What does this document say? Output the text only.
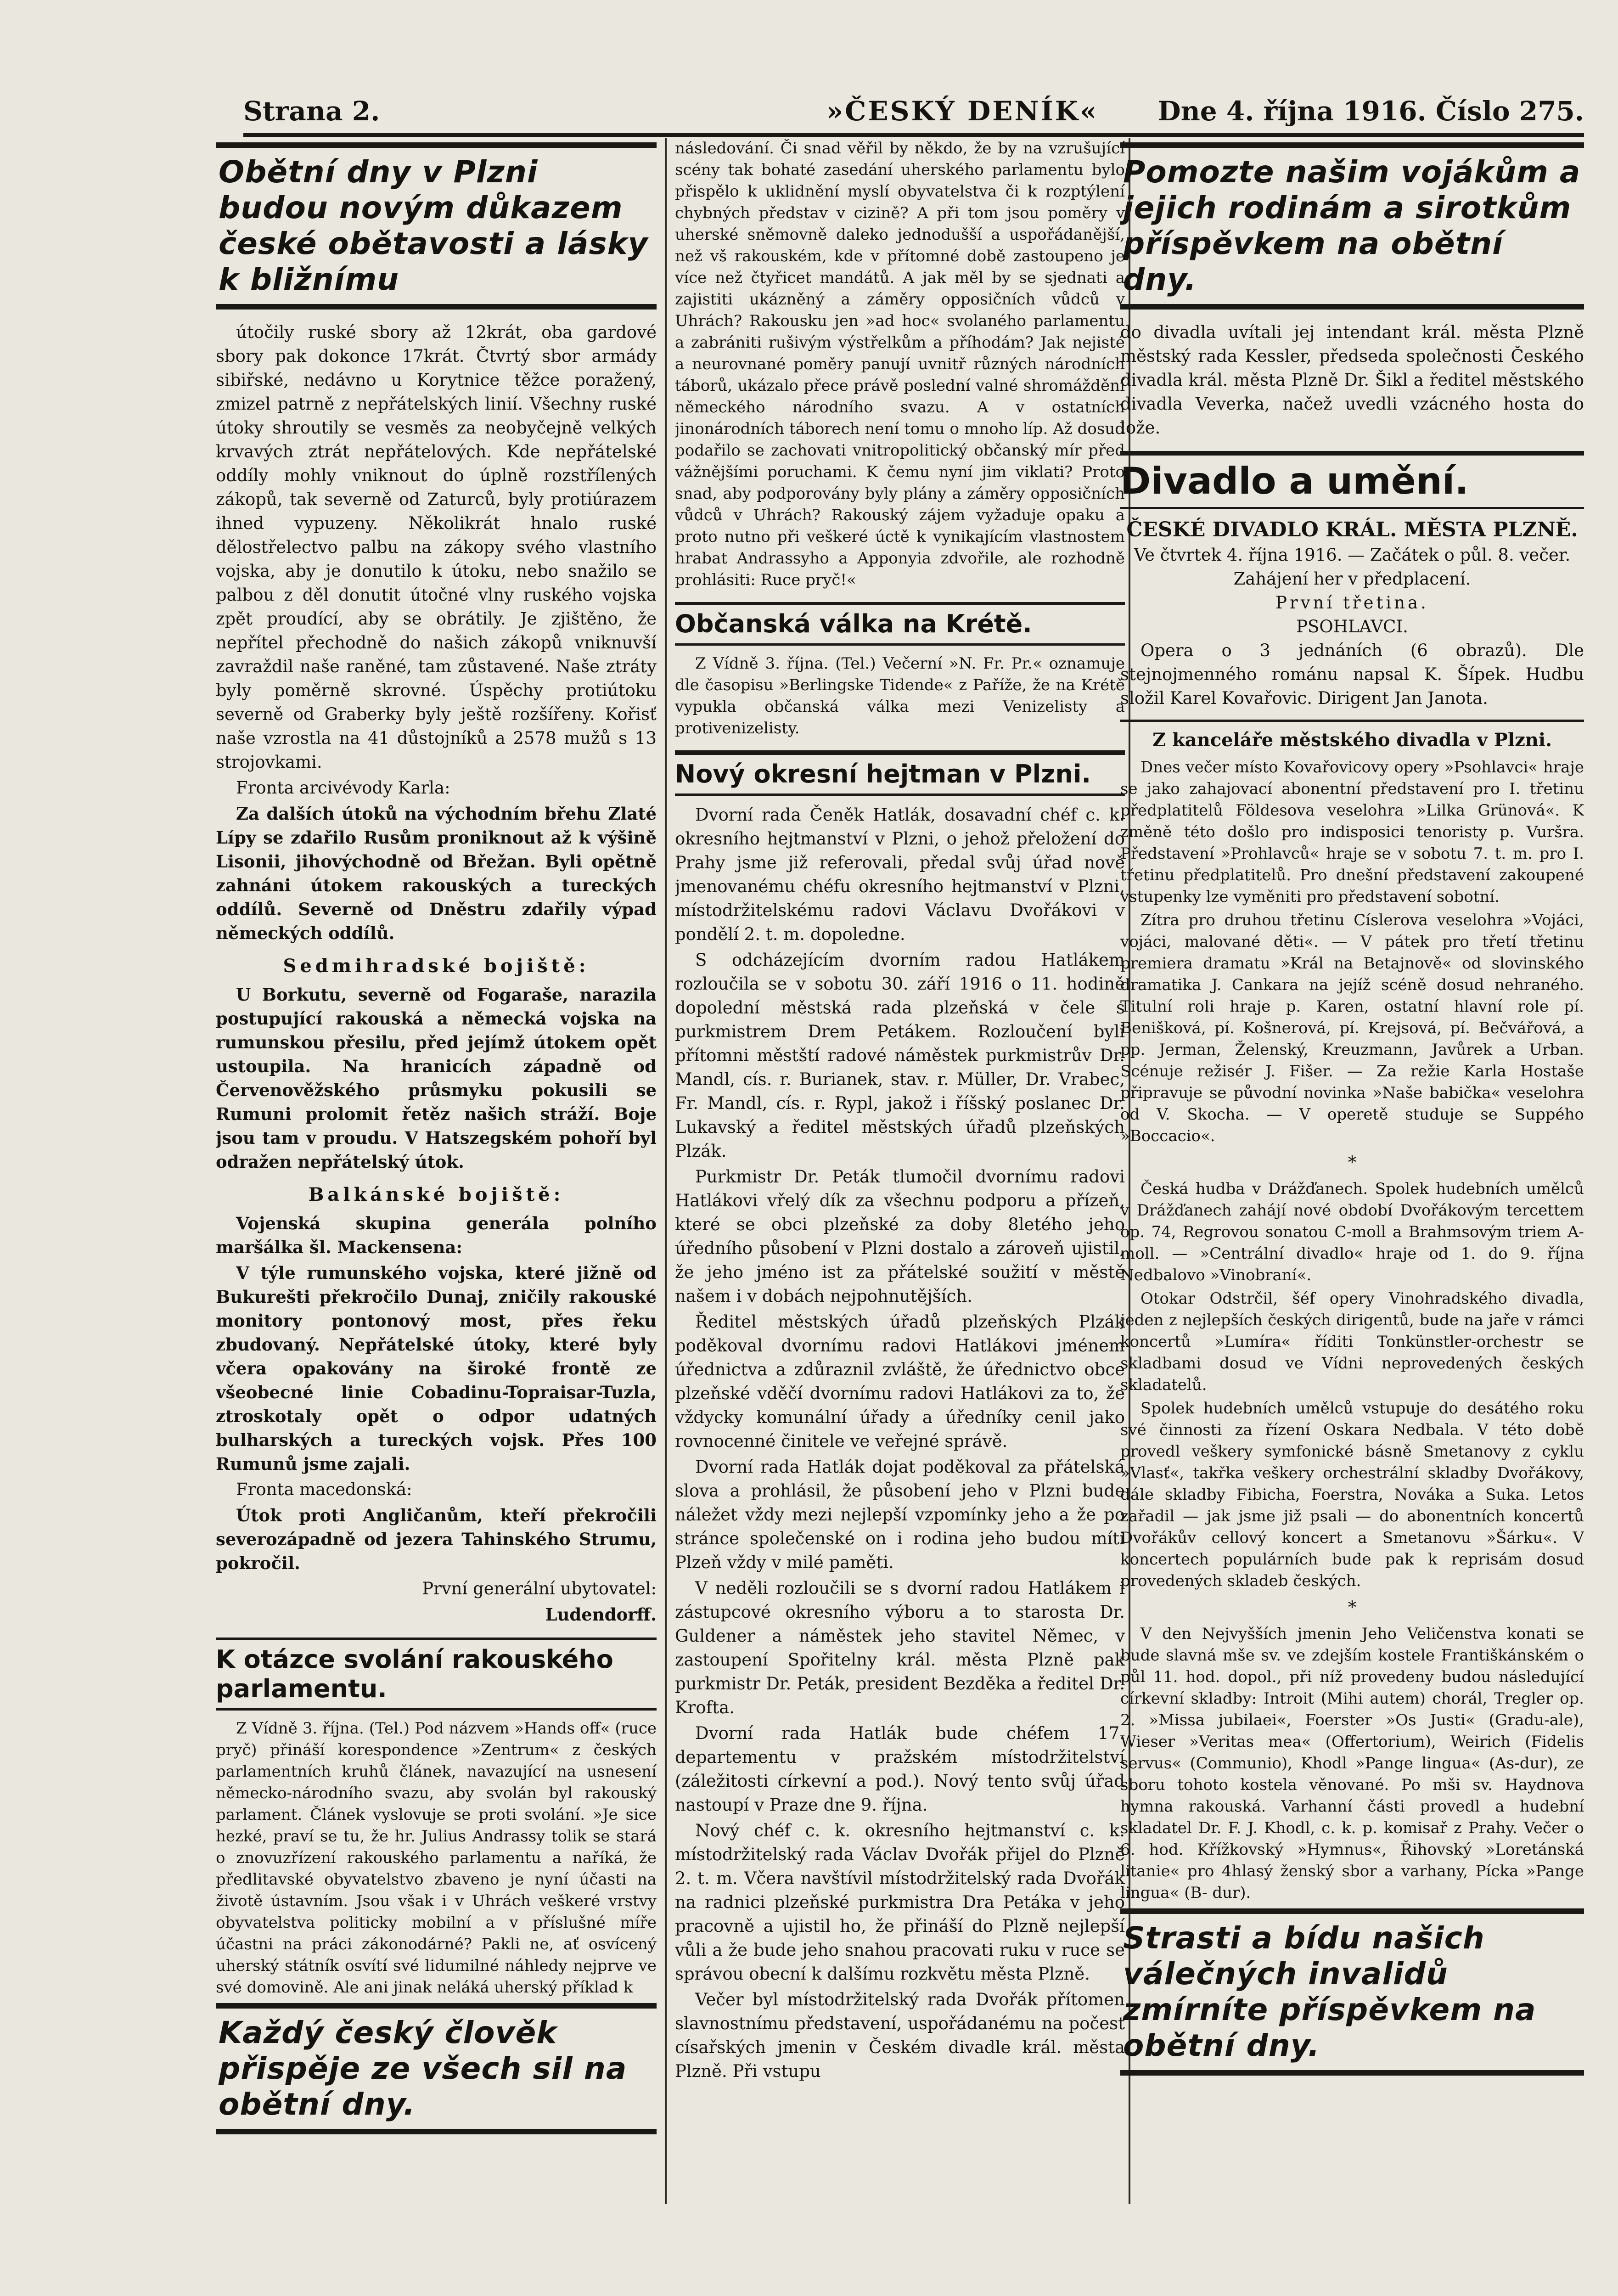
Strana 2.	»ČESKÝ DENÍK« Dne 4. října 1916. Číslo 275.
Obětní dny v Plzni budou novým důkazem české obětavosti a lásky k bližnímu

útočily ruské sbory až 12krát, oba gardové sbory pak dokonce 17krát. Čtvrtý sbor armády sibiřské, nedávno u Korytnice těžce poražený, zmizel patrně z nepřátelských linií. Všechny ruské útoky shroutily se vesměs za neobyčejně velkých krvavých ztrát nepřátelových. Kde nepřátelské oddíly mohly vniknout do úplně rozstřílených zákopů, tak severně od Zaturců, byly protiúrazem ihned vypuzeny. Několikrát hnalo ruské dělostřelectvo palbu na zákopy svého vlastního vojska, aby je donutilo k útoku, nebo snažilo se palbou z děl donutit útočné vlny ruského vojska zpět proudící, aby se obrátily. Je zjištěno, že nepřítel přechodně do našich zákopů vniknuvší zavraždil naše raněné, tam zůstavené. Naše ztráty byly poměrně skrovné. Úspěchy protiútoku severně od Graberky byly ještě rozšířeny. Kořisť naše vzrostla na 41 důstojníků a 2578 mužů s 13 strojovkami.

Fronta arcivévody Karla:

Za dalších útoků na východním břehu Zlaté Lípy se zdařilo Rusům proniknout až k výšině Lisonii, jihovýchodně od Břežan. Byli opětně zahnáni útokem rakouských a tureckých oddílů. Severně od Dněstru zdařily výpad německých oddílů.

Sedmihradské bojiště:

U Borkutu, severně od Fogaraše, narazila postupující rakouská a německá vojska na rumunskou přesilu, před jejímž útokem opět ustoupila. Na hranicích západně od Červenověžského průsmyku pokusili se Rumuni prolomit řetěz našich stráží. Boje jsou tam v proudu. V Hatszegském pohoří byl odražen nepřátelský útok.

Balkánské bojiště:

Vojenská skupina generála polního maršálka šl. Mackensena:

V týle rumunského vojska, které jižně od Bukurešti překročilo Dunaj, zničily rakouské monitory pontonový most, přes řeku zbudovaný. Nepřátelské útoky, které byly včera opakovány na široké frontě ze všeobecné linie Cobadinu-Topraisar-Tuzla, ztroskotaly opět o odpor udatných bulharských a tureckých vojsk. Přes 100 Rumunů jsme zajali.

Fronta macedonská:

Útok proti Angličanům, kteří překročili severozápadně od jezera Tahinského Strumu, pokročil.

První generální ubytovatel:

Ludendorff.

K otázce svolání rakouského parlamentu.

Z Vídně 3. října. (Tel.) Pod názvem »Hands off« (ruce pryč) přináší korespondence »Zentrum« z českých parlamentních kruhů článek, navazující na usnesení německo-národního svazu, aby svolán byl rakouský parlament. Článek vyslovuje se proti svolání. »Je sice hezké, praví se tu, že hr. Julius Andrassy tolik se stará o znovuzřízení rakouského parlamentu a naříká, že předlitavské obyvatelstvo zbaveno je nyní účasti na životě ústavním. Jsou však i v Uhrách veškeré vrstvy obyvatelstva politicky mobilní a v příslušné míře účastni na práci zákonodárné? Pakli ne, ať osvícený uherský státník osvítí své lidumilné náhledy nejprve ve své domovině. Ale ani jinak neláká uherský příklad k

Každý český člověk přispěje ze všech sil na obětní dny.

následování. Či snad věřil by někdo, že by na vzrušující scény tak bohaté zasedání uherského parlamentu bylo přispělo k uklidnění myslí obyvatelstva či k rozptýlení chybných představ v cizině? A při tom jsou poměry v uherské sněmovně daleko jednodušší a uspořádanější, než vš rakouském, kde v přítomné době zastoupeno je více než čtyřicet mandátů. A jak měl by se sjednati a zajistiti ukázněný a záměry opposičních vůdců v Uhrách? Rakousku jen »ad hoc« svolaného parlamentu a zabrániti rušivým výstřelkům a příhodám? Jak nejisté a neurovnané poměry panují uvnitř různých národních táborů, ukázalo přece právě poslední valné shromáždění německého národního svazu. A v ostatních jinonárodních táborech není tomu o mnoho líp. Až dosud podařilo se zachovati vnitropolitický občanský mír před vážnějšími poruchami. K čemu nyní jim viklati? Proto snad, aby podporovány byly plány a záměry opposičních vůdců v Uhrách? Rakouský zájem vyžaduje opaku a proto nutno při veškeré úctě k vynikajícím vlastnostem hrabat Andrassyho a Apponyia zdvořile, ale rozhodně prohlásiti: Ruce pryč!«

Občanská válka na Krétě.

Z Vídně 3. října. (Tel.) Večerní »N. Fr. Pr.« oznamuje dle časopisu »Berlingske Tidende« z Paříže, že na Krétě vypukla občanská válka mezi Venizelisty a protivenizelisty.

Nový okresní hejtman v Plzni.

Dvorní rada Čeněk Hatlák, dosavadní chéf c. k. okresního hejtmanství v Plzni, o jehož přeložení do Prahy jsme již referovali, předal svůj úřad nově jmenovanému chéfu okresního hejtmanství v Plzni, místodržitelskému radovi Václavu Dvořákovi v pondělí 2. t. m. dopoledne.

S odcházejícím dvorním radou Hatlákem rozloučila se v sobotu 30. září 1916 o 11. hodině dopolední městská rada plzeňská v čele s purkmistrem Drem Petákem. Rozloučení byli přítomni městští radové náměstek purkmistrův Dr. Mandl, cís. r. Burianek, stav. r. Müller, Dr. Vrabec, Fr. Mandl, cís. r. Rypl, jakož i říšský poslanec Dr. Lukavský a ředitel městských úřadů plzeňských Plzák.

Purkmistr Dr. Peták tlumočil dvornímu radovi Hatlákovi vřelý dík za všechnu podporu a přízeň, které se obci plzeňské za doby 8letého jeho úředního působení v Plzni dostalo a zároveň ujistil, že jeho jméno ist za přátelské soužití v městě našem i v dobách nejpohnutějších.

Ředitel městských úřadů plzeňských Plzák poděkoval dvornímu radovi Hatlákovi jménem úřednictva a zdůraznil zvláště, že úřednictvo obce plzeňské vděčí dvornímu radovi Hatlákovi za to, že vždycky komunální úřady a úředníky cenil jako rovnocenné činitele ve veřejné správě.

Dvorní rada Hatlák dojat poděkoval za přátelská slova a prohlásil, že působení jeho v Plzni bude náležet vždy mezi nejlepší vzpomínky jeho a že po stránce společenské on i rodina jeho budou míti Plzeň vždy v milé paměti.

V neděli rozloučili se s dvorní radou Hatlákem i zástupcové okresního výboru a to starosta Dr. Guldener a náměstek jeho stavitel Němec, v zastoupení Spořitelny král. města Plzně pak purkmistr Dr. Peták, president Bezděka a ředitel Dr. Krofta.

Dvorní rada Hatlák bude chéfem 17. departementu v pražském místodržitelství (záležitosti církevní a pod.). Nový tento svůj úřad nastoupí v Praze dne 9. října.

Nový chéf c. k. okresního hejtmanství c. k. místodržitelský rada Václav Dvořák přijel do Plzně 2. t. m. Včera navštívil místodržitelský rada Dvořák na radnici plzeňské purkmistra Dra Petáka v jeho pracovně a ujistil ho, že přináší do Plzně nejlepší vůli a že bude jeho snahou pracovati ruku v ruce se správou obecní k dalšímu rozkvětu města Plzně.

Večer byl místodržitelský rada Dvořák přítomen slavnostnímu představení, uspořádanému na počest císařských jmenin v Českém divadle král. města Plzně. Při vstupu

Pomozte našim vojákům a jejich rodinám a sirotkům příspěvkem na obětní dny.

do divadla uvítali jej intendant král. města Plzně městský rada Kessler, předseda společnosti Českého divadla král. města Plzně Dr. Šikl a ředitel městského divadla Veverka, načež uvedli vzácného hosta do lože.

Divadlo a umění.
ČESKÉ DIVADLO KRÁL. MĚSTA PLZNĚ.
Ve čtvrtek 4. října 1916. — Začátek o půl. 8. večer.
Zahájení her v předplacení.
První třetina.
PSOHLAVCI.

Opera o 3 jednáních (6 obrazů). Dle stejnojmenného románu napsal K. Šípek. Hudbu složil Karel Kovařovic. Dirigent Jan Janota.

Z kanceláře městského divadla v Plzni.

Dnes večer místo Kovařovicovy opery »Psohlavci« hraje se jako zahajovací abonentní představení pro I. třetinu předplatitelů Földesova veselohra »Lilka Grünová«. K změně této došlo pro indisposici tenoristy p. Vuršra. Představení »Prohlavců« hraje se v sobotu 7. t. m. pro I. třetinu předplatitelů. Pro dnešní představení zakoupené vstupenky lze vyměniti pro představení sobotní.

Zítra pro druhou třetinu Císlerova veselohra »Vojáci, vojáci, malované děti«. — V pátek pro třetí třetinu premiera dramatu »Král na Betajnově« od slovinského dramatika J. Cankara na jejíž scéně dosud nehraného. Titulní roli hraje p. Karen, ostatní hlavní role pí. Benišková, pí. Košnerová, pí. Krejsová, pí. Bečvářová, a pp. Jerman, Želenský, Kreuzmann, Javůrek a Urban. Scénuje režisér J. Fišer. — Za režie Karla Hostaše připravuje se původní novinka »Naše babička« veselohra od V. Skocha. — V operetě studuje se Suppého »Boccacio«.

*

Česká hudba v Drážďanech. Spolek hudebních umělců v Drážďanech zahájí nové období Dvořákovým tercettem op. 74, Regrovou sonatou C-moll a Brahmsovým triem A-moll. — »Centrální divadlo« hraje od 1. do 9. října Nedbalovo »Vinobraní«.

Otokar Odstrčil, šéf opery Vinohradského divadla, jeden z nejlepších českých dirigentů, bude na jaře v rámci koncertů »Lumíra« říditi Tonkünstler-orchestr se skladbami dosud ve Vídni neprovedených českých skladatelů.

Spolek hudebních umělců vstupuje do desátého roku své činnosti za řízení Oskara Nedbala. V této době provedl veškery symfonické básně Smetanovy z cyklu »Vlasť«, takřka veškery orchestrální skladby Dvořákovy, dále skladby Fibicha, Foerstra, Nováka a Suka. Letos zařadil — jak jsme již psali — do abonentních koncertů Dvořákův cellový koncert a Smetanovu »Šárku«. V koncertech populárních bude pak k reprisám dosud provedených skladeb českých.

*

V den Nejvyšších jmenin Jeho Veličenstva konati se bude slavná mše sv. ve zdejším kostele Františkánském o půl 11. hod. dopol., při níž provedeny budou následující církevní skladby: Introit (Mihi autem) chorál, Tregler op. 2. »Missa jubilaei«, Foerster »Os Justi« (Gradu-ale), Wieser »Veritas mea« (Offertorium), Weirich (Fidelis servus« (Communio), Khodl »Pange lingua« (As-dur), ze sboru tohoto kostela věnované. Po mši sv. Haydnova hymna rakouská. Varhanní části provedl a hudební skladatel Dr. F. J. Khodl, c. k. p. komisař z Prahy. Večer o 6. hod. Křížkovský »Hymnus«, Řihovský »Loretánská litanie« pro 4hlasý ženský sbor a varhany, Pícka »Pange lingua« (B- dur).

Strasti a bídu našich válečných invalidů zmírníte příspěvkem na obětní dny.
